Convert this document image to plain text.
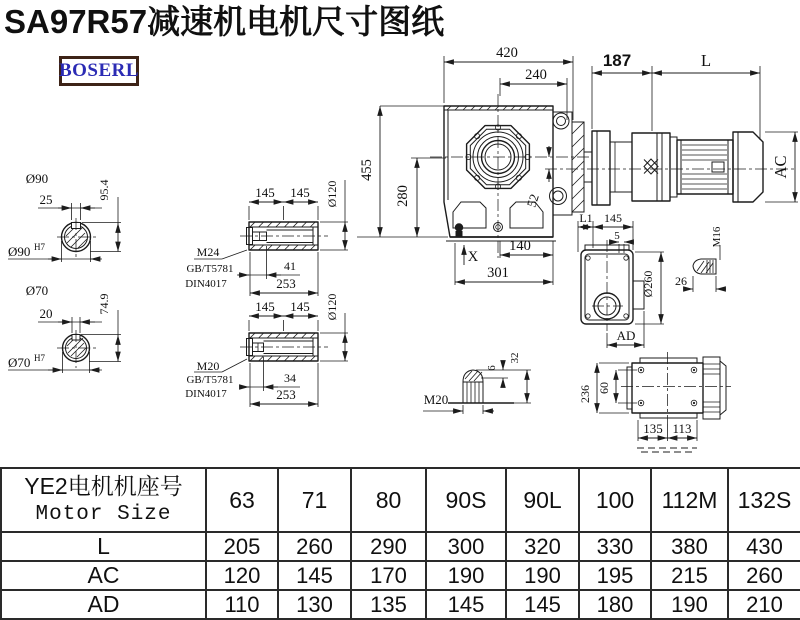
420
240
455
280	52
140
301
X
187	L
AC
Ø90
25	95.4
Ø90 H7
Ø70
20	74.9
Ø70 H7
145 145 Ø120
M24
GB/T5781
DIN4017
41
253
145 145 Ø120
M20
GB/T5781
DIN4017
34
253
L1 145
5
Ø260
AD
M16
26
M20
6
32
60
236
135 113
SA97R57减速机电机尺寸图纸
BOSERL
YE2电机机座号
Motor Size	63	71	80	90S	90L	100	112M	132S
L	205	260	290	300	320	330	380	430
AC	120	145	170	190	190	195	215	260
AD	110	130	135	145	145	180	190	210
